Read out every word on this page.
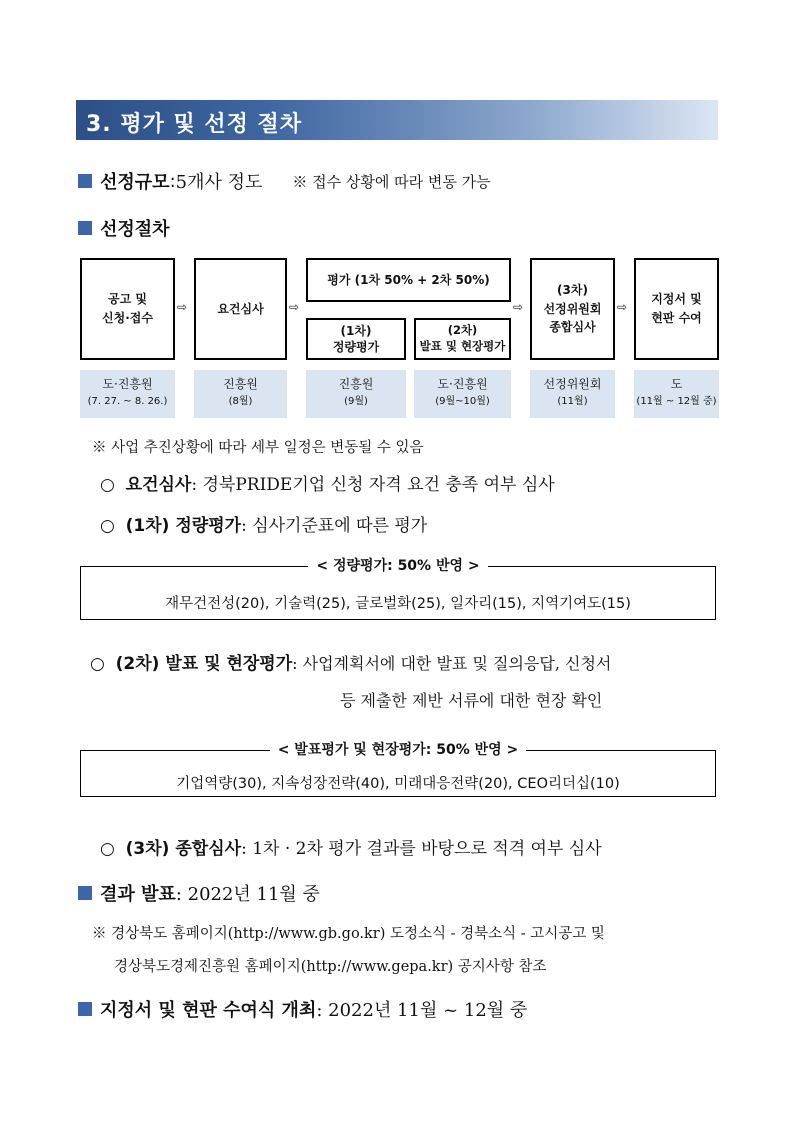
3. 평가 및 선정 절차
선정규모 : 5개사 정도 ※ 접수 상황에 따라 변동 가능
선정절차
공고 및
신청·접수
⇨	요건심사 ⇨
평가 (1차 50% + 2차 50%)
(1차)
정량평가
(2차)
발표 및 현장평가
⇨
(3차)
선정위원회
종합심사
⇨
지정서 및
현판 수여
도·진흥원
(7. 27. ~ 8. 26.)
진흥원
(8월)
진흥원
(9월)
도·진흥원
(9월~10월)
선정위원회
(11월)
도
(11월 ~ 12월 중)
※ 사업 추진상황에 따라 세부 일정은 변동될 수 있음
○ 요건심사: 경북PRIDE기업 신청 자격 요건 충족 여부 심사
○ (1차) 정량평가: 심사기준표에 따른 평가
< 정량평가: 50% 반영 >
재무건전성(20), 기술력(25), 글로벌화(25), 일자리(15), 지역기여도(15)
○ (2차) 발표 및 현장평가: 사업계획서에 대한 발표 및 질의응답, 신청서
등 제출한 제반 서류에 대한 현장 확인
< 발표평가 및 현장평가: 50% 반영 >
기업역량(30), 지속성장전략(40), 미래대응전략(20), CEO리더십(10)
○ (3차) 종합심사: 1차 · 2차 평가 결과를 바탕으로 적격 여부 심사
결과 발표 : 2022년 11월 중
※ 경상북도 홈페이지(http://www.gb.go.kr) 도정소식 - 경북소식 - 고시공고 및
경상북도경제진흥원 홈페이지(http://www.gepa.kr) 공지사항 참조
지정서 및 현판 수여식 개최 : 2022년 11월 ~ 12월 중
